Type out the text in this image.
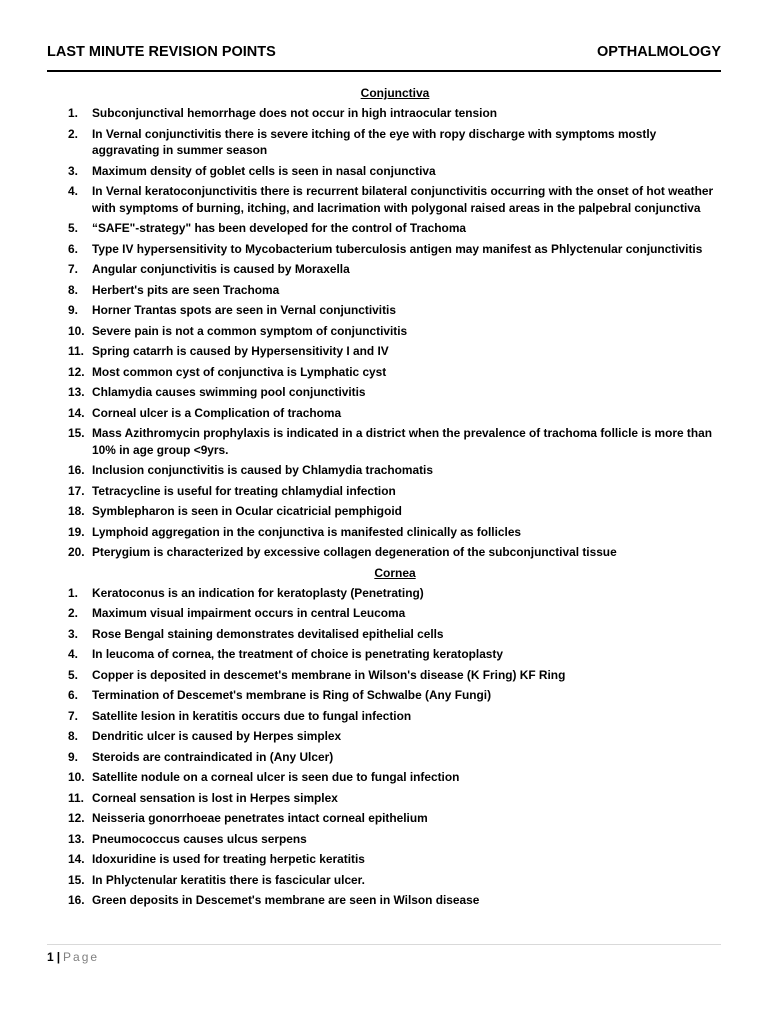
LAST MINUTE REVISION POINTS	OPTHALMOLOGY
Conjunctiva
1.	Subconjunctival hemorrhage does not occur in high intraocular tension
2.	In Vernal conjunctivitis there is severe itching of the eye with ropy discharge with symptoms mostly aggravating in summer season
3.	Maximum density of goblet cells is seen in nasal conjunctiva
4.	In Vernal keratoconjunctivitis there is recurrent bilateral conjunctivitis occurring with the onset of hot weather with symptoms of burning, itching, and lacrimation with polygonal raised areas in the palpebral conjunctiva
5.	“SAFE"-strategy" has been developed for the control of Trachoma
6.	Type IV hypersensitivity to Mycobacterium tuberculosis antigen may manifest as Phlyctenular conjunctivitis
7.	Angular conjunctivitis is caused by Moraxella
8.	Herbert's pits are seen Trachoma
9.	Horner Trantas spots are seen in Vernal conjunctivitis
10. Severe pain is not a common symptom of conjunctivitis
11. Spring catarrh is caused by Hypersensitivity I and IV
12. Most common cyst of conjunctiva is Lymphatic cyst
13. Chlamydia causes swimming pool conjunctivitis
14. Corneal ulcer is a Complication of trachoma
15. Mass Azithromycin prophylaxis is indicated in a district when the prevalence of trachoma follicle is more than 10% in age group <9yrs.
16. Inclusion conjunctivitis is caused by Chlamydia trachomatis
17. Tetracycline is useful for treating chlamydial infection
18. Symblepharon is seen in Ocular cicatricial pemphigoid
19. Lymphoid aggregation in the conjunctiva is manifested clinically as follicles
20. Pterygium is characterized by excessive collagen degeneration of the subconjunctival tissue
Cornea
1.	Keratoconus is an indication for keratoplasty (Penetrating)
2.	Maximum visual impairment occurs in central Leucoma
3.	Rose Bengal staining demonstrates devitalised epithelial cells
4.	In leucoma of cornea, the treatment of choice is penetrating keratoplasty
5.	Copper is deposited in descemet's membrane in Wilson's disease (K Fring) KF Ring
6.	Termination of Descemet's membrane is Ring of Schwalbe (Any Fungi)
7.	Satellite lesion in keratitis occurs due to fungal infection
8.	Dendritic ulcer is caused by Herpes simplex
9.	Steroids are contraindicated in (Any Ulcer)
10. Satellite nodule on a corneal ulcer is seen due to fungal infection
11. Corneal sensation is lost in Herpes simplex
12. Neisseria gonorrhoeae penetrates intact corneal epithelium
13. Pneumococcus causes ulcus serpens
14. Idoxuridine is used for treating herpetic keratitis
15. In Phlyctenular keratitis there is fascicular ulcer.
16. Green deposits in Descemet's membrane are seen in Wilson disease
1 | Page
